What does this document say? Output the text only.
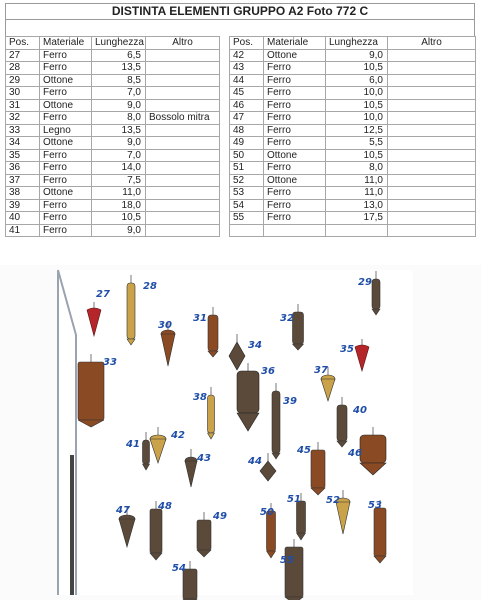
DISTINTA ELEMENTI GRUPPO A2 Foto 772 C
Pos.	Materiale	Lunghezza	Altro		Pos.	Materiale	Lunghezza	Altro
27	Ferro	6,5			42	Ottone	9,0	
28	Ferro	13,5			43	Ferro	10,5	
29	Ottone	8,5			44	Ferro	6,0	
30	Ferro	7,0			45	Ferro	10,0	
31	Ottone	9,0			46	Ferro	10,5	
32	Ferro	8,0	Bossolo mitra		47	Ferro	10,0	
33	Legno	13,5			48	Ferro	12,5	
34	Ottone	9,0			49	Ferro	5,5	
35	Ferro	7,0			50	Ottone	10,5	
36	Ferro	14,0			51	Ferro	8,0	
37	Ferro	7,5			52	Ottone	11,0	
38	Ottone	11,0			53	Ferro	11,0	
39	Ferro	18,0			54	Ferro	13,0	
40	Ferro	10,5			55	Ferro	17,5	
41	Ferro	9,0						
27
28	29
30
31	32
33
34	35
36	37
38	39
40
41
42
43	44
45	46
47	48
49	50
51	52	53
54
55
